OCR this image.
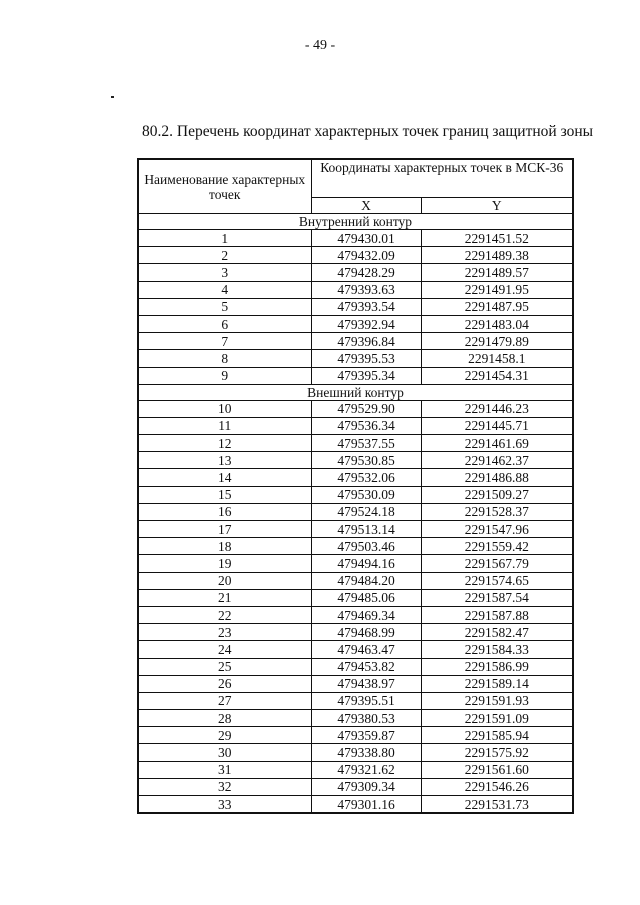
- 49 -
80.2. Перечень координат характерных точек границ защитной зоны
Наименование характерных точек	Координаты характерных точек в МСК-36	
	X	Y
Внутренний контур		
1	479430.01	2291451.52
2	479432.09	2291489.38
3	479428.29	2291489.57
4	479393.63	2291491.95
5	479393.54	2291487.95
6	479392.94	2291483.04
7	479396.84	2291479.89
8	479395.53	2291458.1
9	479395.34	2291454.31
Внешний контур		
10	479529.90	2291446.23
11	479536.34	2291445.71
12	479537.55	2291461.69
13	479530.85	2291462.37
14	479532.06	2291486.88
15	479530.09	2291509.27
16	479524.18	2291528.37
17	479513.14	2291547.96
18	479503.46	2291559.42
19	479494.16	2291567.79
20	479484.20	2291574.65
21	479485.06	2291587.54
22	479469.34	2291587.88
23	479468.99	2291582.47
24	479463.47	2291584.33
25	479453.82	2291586.99
26	479438.97	2291589.14
27	479395.51	2291591.93
28	479380.53	2291591.09
29	479359.87	2291585.94
30	479338.80	2291575.92
31	479321.62	2291561.60
32	479309.34	2291546.26
33	479301.16	2291531.73
